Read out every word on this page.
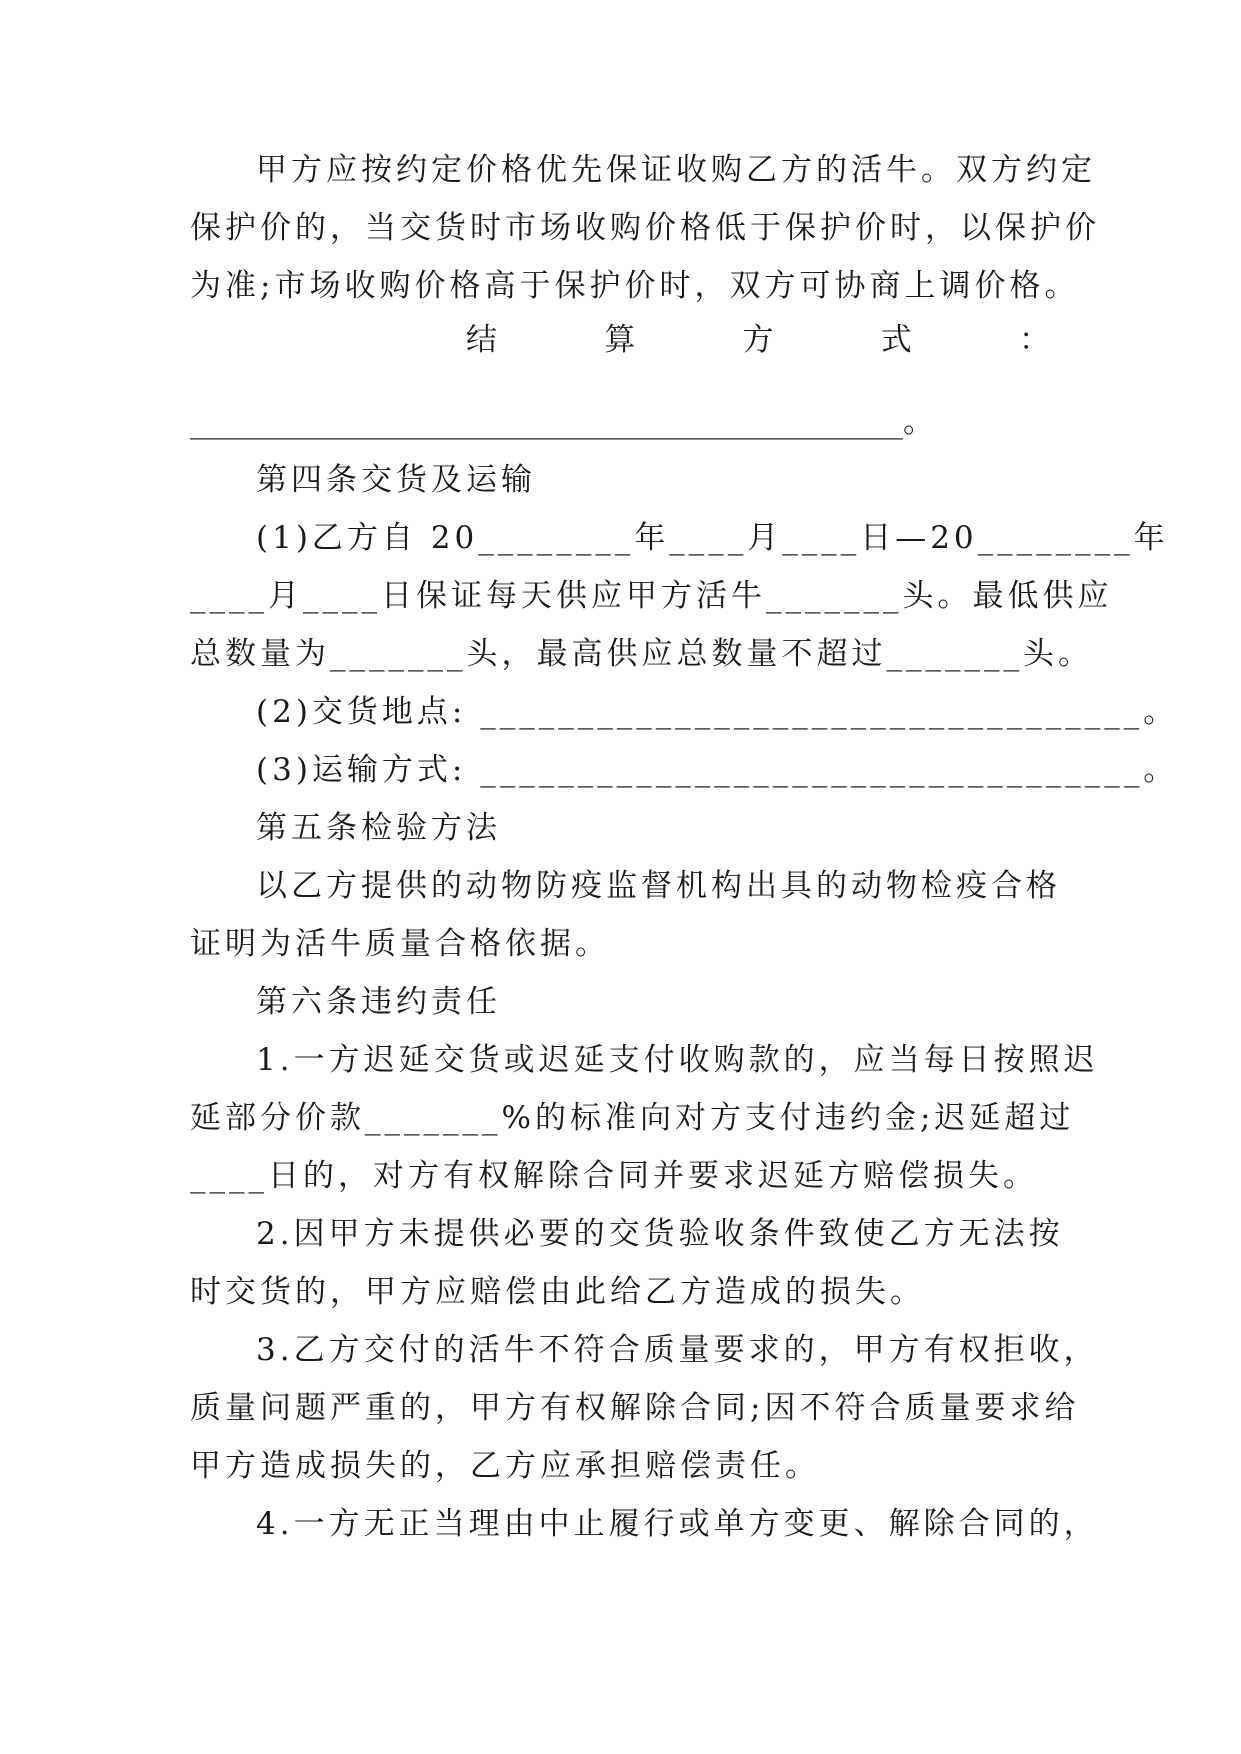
甲方应按约定价格优先保证收购乙方的活牛。双方约定
保护价的，当交货时市场收购价格低于保护价时，以保护价
为准;市场收购价格高于保护价时，双方可协商上调价格。
结	算	方	式	：
______________________________________________。
第四条交货及运输
(1)乙方自 20________年____月____日—20________年
____月____日保证每天供应甲方活牛_______头。最低供应
总数量为_______头，最高供应总数量不超过_______头。
(2)交货地点: __________________________________。
(3)运输方式: __________________________________。
第五条检验方法
以乙方提供的动物防疫监督机构出具的动物检疫合格
证明为活牛质量合格依据。
第六条违约责任
1.一方迟延交货或迟延支付收购款的，应当每日按照迟
延部分价款_______%的标准向对方支付违约金;迟延超过
____日的，对方有权解除合同并要求迟延方赔偿损失。
2.因甲方未提供必要的交货验收条件致使乙方无法按
时交货的，甲方应赔偿由此给乙方造成的损失。
3.乙方交付的活牛不符合质量要求的，甲方有权拒收，
质量问题严重的，甲方有权解除合同;因不符合质量要求给
甲方造成损失的，乙方应承担赔偿责任。
4.一方无正当理由中止履行或单方变更、解除合同的，
